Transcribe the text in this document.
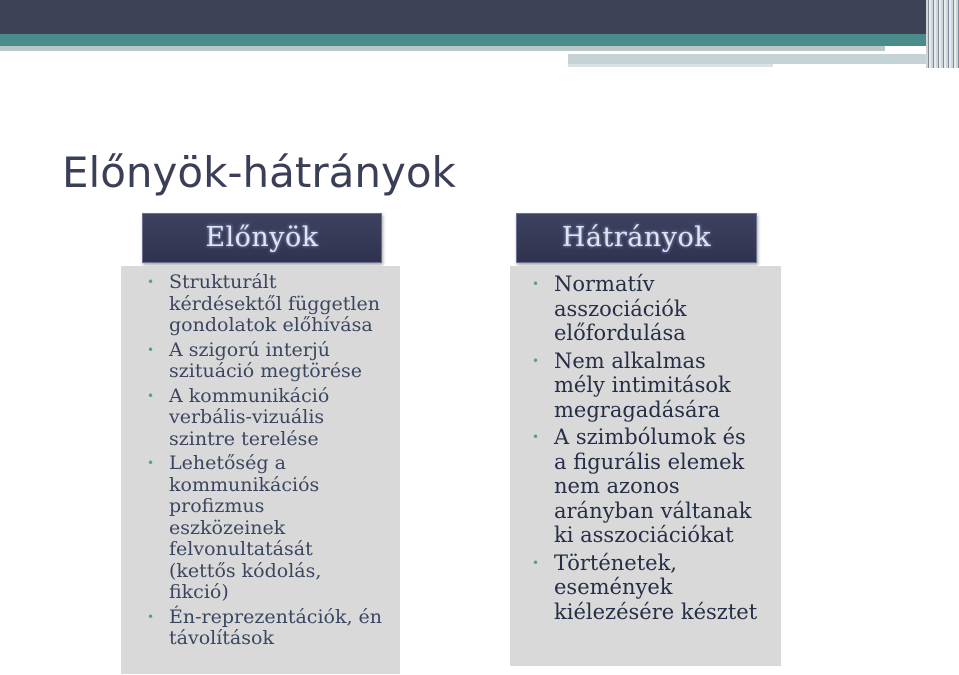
Előnyök-hátrányok
Előnyök
• Strukturált
kérdésektől független
gondolatok előhívása
• A szigorú interjú
szituáció megtörése
• A kommunikáció
verbális-vizuális
szintre terelése
• Lehetőség a
kommunikációs
profizmus
eszközeinek
felvonultatását
(kettős kódolás,
fikció)
• Én-reprezentációk, én
távolítások
Hátrányok
• Normatív
asszociációk
előfordulása
• Nem alkalmas
mély intimitások
megragadására
• A szimbólumok és
a figurális elemek
nem azonos
arányban váltanak
ki asszociációkat
• Történetek,
események
kiélezésére késztet
